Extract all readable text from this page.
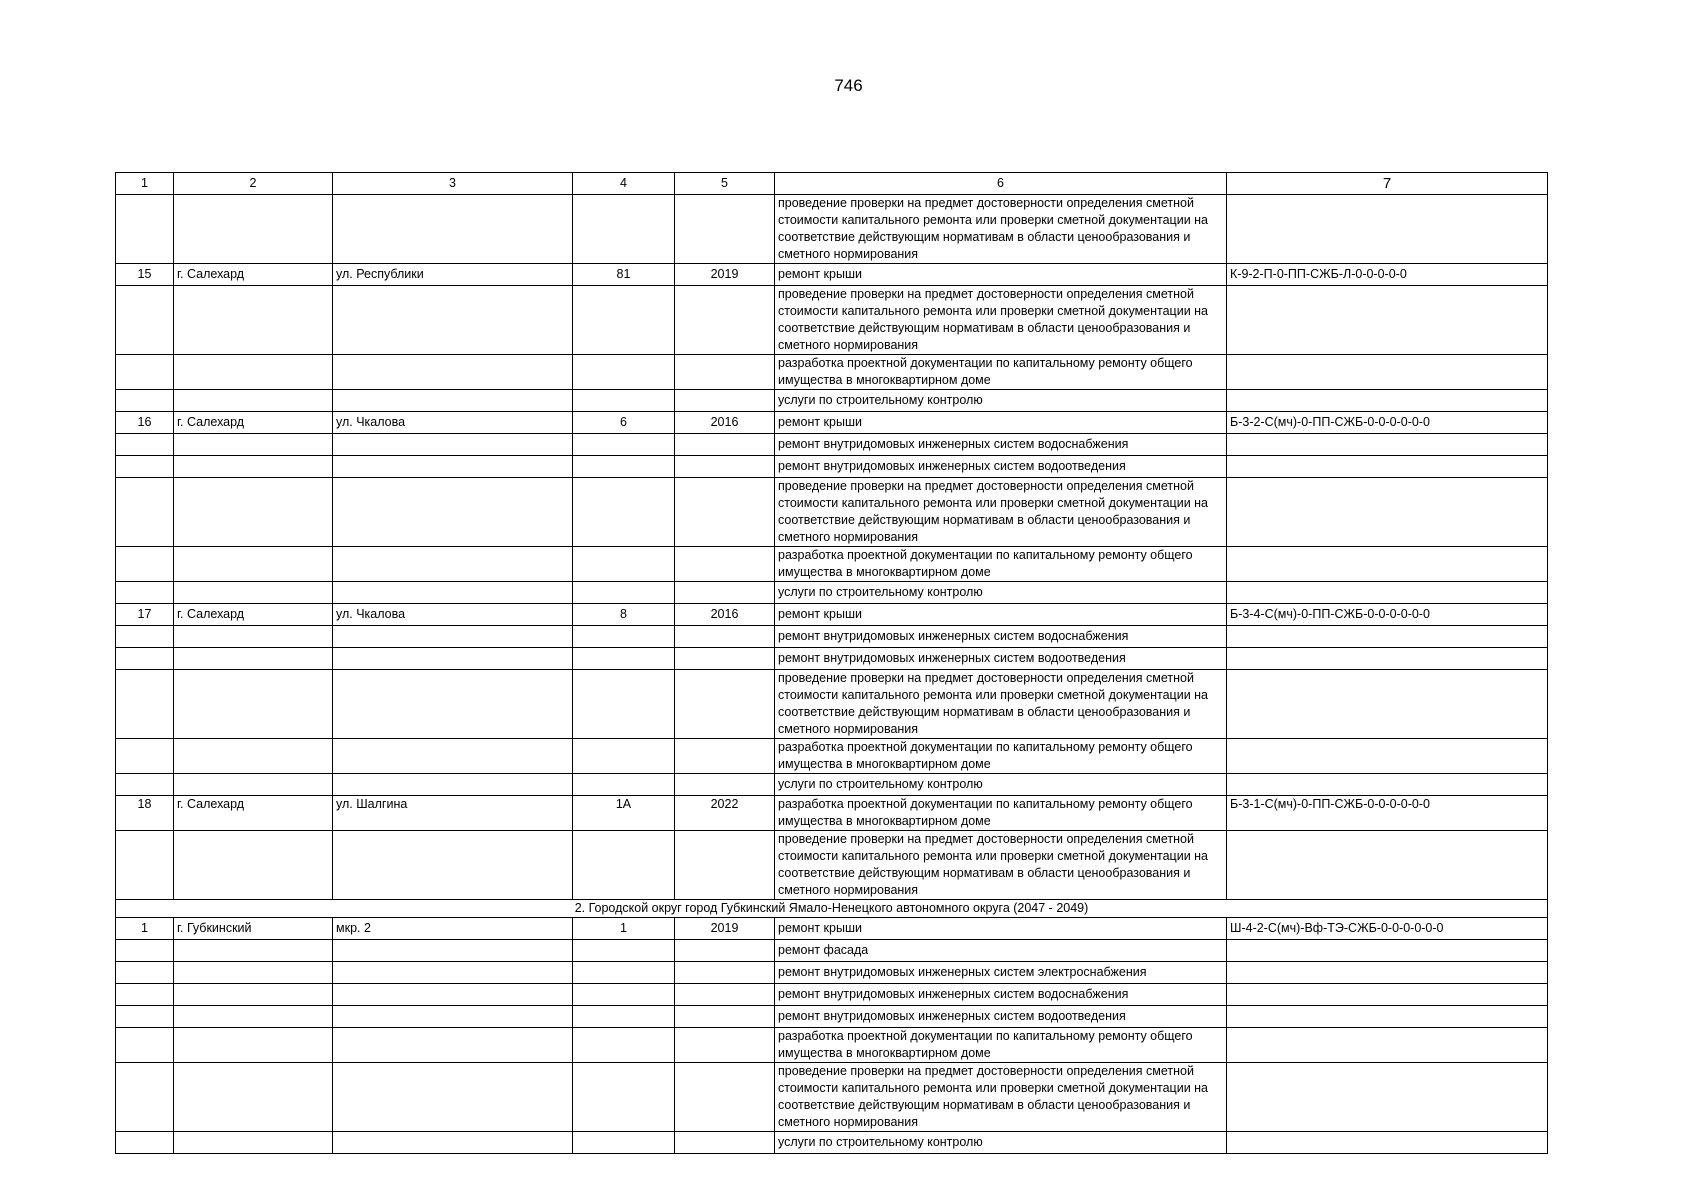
746
1	2	3	4	5	6	7
					проведение проверки на предмет достоверности определения сметной стоимости капитального ремонта или проверки сметной документации на соответствие действующим нормативам в области ценообразования и сметного нормирования	
15	г. Салехард	ул. Республики	81	2019	ремонт крыши	К-9-2-П-0-ПП-СЖБ-Л-0-0-0-0-0
					проведение проверки на предмет достоверности определения сметной стоимости капитального ремонта или проверки сметной документации на соответствие действующим нормативам в области ценообразования и сметного нормирования	
					разработка проектной документации по капитальному ремонту общего имущества в многоквартирном доме	
					услуги по строительному контролю	
16	г. Салехард	ул. Чкалова	6	2016	ремонт крыши	Б-3-2-С(мч)-0-ПП-СЖБ-0-0-0-0-0-0
					ремонт внутридомовых инженерных систем водоснабжения	
					ремонт внутридомовых инженерных систем водоотведения	
					проведение проверки на предмет достоверности определения сметной стоимости капитального ремонта или проверки сметной документации на соответствие действующим нормативам в области ценообразования и сметного нормирования	
					разработка проектной документации по капитальному ремонту общего имущества в многоквартирном доме	
					услуги по строительному контролю	
17	г. Салехард	ул. Чкалова	8	2016	ремонт крыши	Б-3-4-С(мч)-0-ПП-СЖБ-0-0-0-0-0-0
					ремонт внутридомовых инженерных систем водоснабжения	
					ремонт внутридомовых инженерных систем водоотведения	
					проведение проверки на предмет достоверности определения сметной стоимости капитального ремонта или проверки сметной документации на соответствие действующим нормативам в области ценообразования и сметного нормирования	
					разработка проектной документации по капитальному ремонту общего имущества в многоквартирном доме	
					услуги по строительному контролю	
18	г. Салехард	ул. Шалгина	1А	2022	разработка проектной документации по капитальному ремонту общего имущества в многоквартирном доме	Б-3-1-С(мч)-0-ПП-СЖБ-0-0-0-0-0-0
					проведение проверки на предмет достоверности определения сметной стоимости капитального ремонта или проверки сметной документации на соответствие действующим нормативам в области ценообразования и сметного нормирования	
2. Городской округ город Губкинский Ямало-Ненецкого автономного округа (2047 - 2049)						
1	г. Губкинский	мкр. 2	1	2019	ремонт крыши	Ш-4-2-С(мч)-Вф-ТЭ-СЖБ-0-0-0-0-0-0
					ремонт фасада	
					ремонт внутридомовых инженерных систем электроснабжения	
					ремонт внутридомовых инженерных систем водоснабжения	
					ремонт внутридомовых инженерных систем водоотведения	
					разработка проектной документации по капитальному ремонту общего имущества в многоквартирном доме	
					проведение проверки на предмет достоверности определения сметной стоимости капитального ремонта или проверки сметной документации на соответствие действующим нормативам в области ценообразования и сметного нормирования	
					услуги по строительному контролю	
